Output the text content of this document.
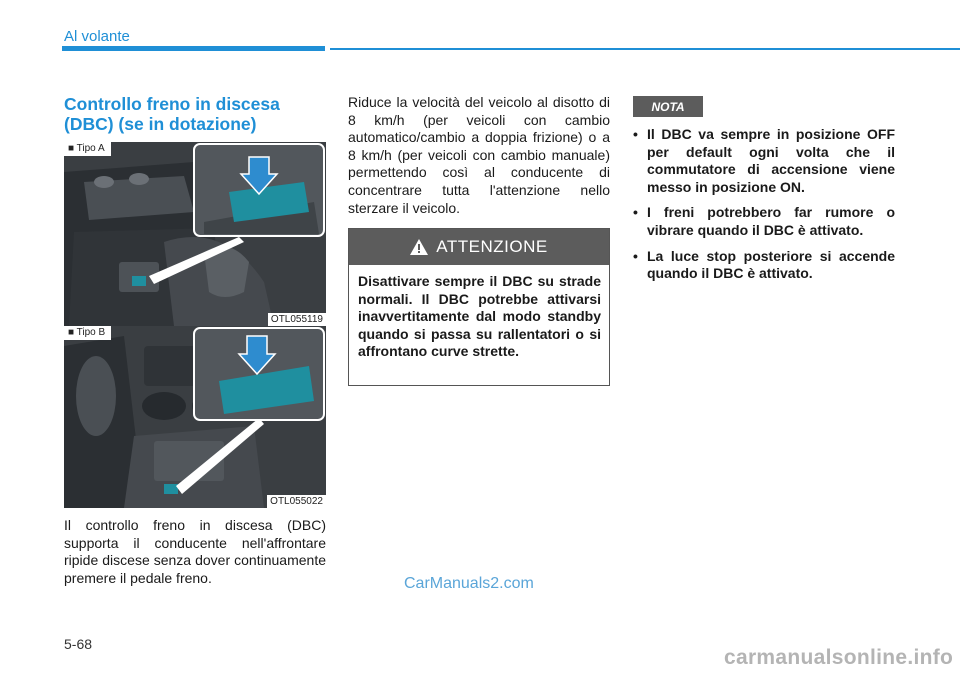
Al volante
Controllo freno in discesa (DBC) (se in dotazione)
■ Tipo A
OTL055119
■ Tipo B
OTL055022

Il controllo freno in discesa (DBC) supporta il conducente nell'affrontare ripide discese senza dover continuamente premere il pedale freno.

Riduce la velocità del veicolo al disotto di 8 km/h (per veicoli con cambio automatico/cambio a doppia frizione) o a 8 km/h (per veicoli con cambio manuale) permettendo così al conducente di concentrare tutta l'attenzione nello sterzare il veicolo.

ATTENZIONE

Disattivare sempre il DBC su strade normali. Il DBC potrebbe attivarsi inavvertitamente dal modo standby quando si passa su rallentatori o si affrontano curve strette.

NOTA
• Il DBC va sempre in posizione OFF per default ogni volta che il commutatore di accensione viene messo in posizione ON.
• I freni potrebbero far rumore o vibrare quando il DBC è attivato.
• La luce stop posteriore si accende quando il DBC è attivato.
CarManuals2.com
5-68
carmanualsonline.info
